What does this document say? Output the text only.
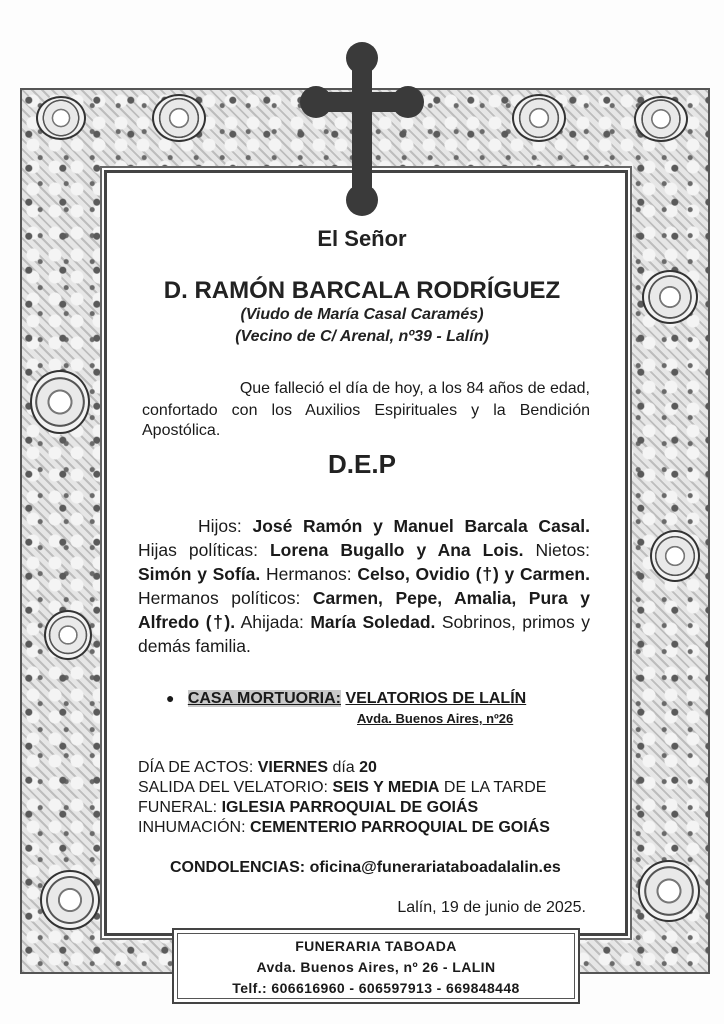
El Señor
D. RAMÓN BARCALA RODRÍGUEZ
(Viudo de María Casal Caramés)
(Vecino de C/ Arenal, nº39 - Lalín)
Que falleció el día de hoy, a los 84 años de edad,
confortado con los Auxilios Espirituales y la Bendición
Apostólica.
D.E.P
● CASA MORTUORIA: VELATORIOS DE LALÍN
Avda. Buenos Aires, nº26
DÍA DE ACTOS: VIERNES día 20
SALIDA DEL VELATORIO: SEIS Y MEDIA DE LA TARDE
FUNERAL: IGLESIA PARROQUIAL DE GOIÁS
INHUMACIÓN: CEMENTERIO PARROQUIAL DE GOIÁS
CONDOLENCIAS: oficina@funerariataboadalalin.es
Lalín, 19 de junio de 2025.
FUNERARIA TABOADA
Avda. Buenos Aires, nº 26 - LALIN
Telf.: 606616960 - 606597913 - 669848448
Hijos: José Ramón y Manuel Barcala Casal. Hijas políticas: Lorena Bugallo y Ana Lois. Nietos: Simón y Sofía. Hermanos: Celso, Ovidio (†) y Carmen. Hermanos políticos: Carmen, Pepe, Amalia, Pura y Alfredo (†). Ahijada: María Soledad. Sobrinos, primos y demás familia.
